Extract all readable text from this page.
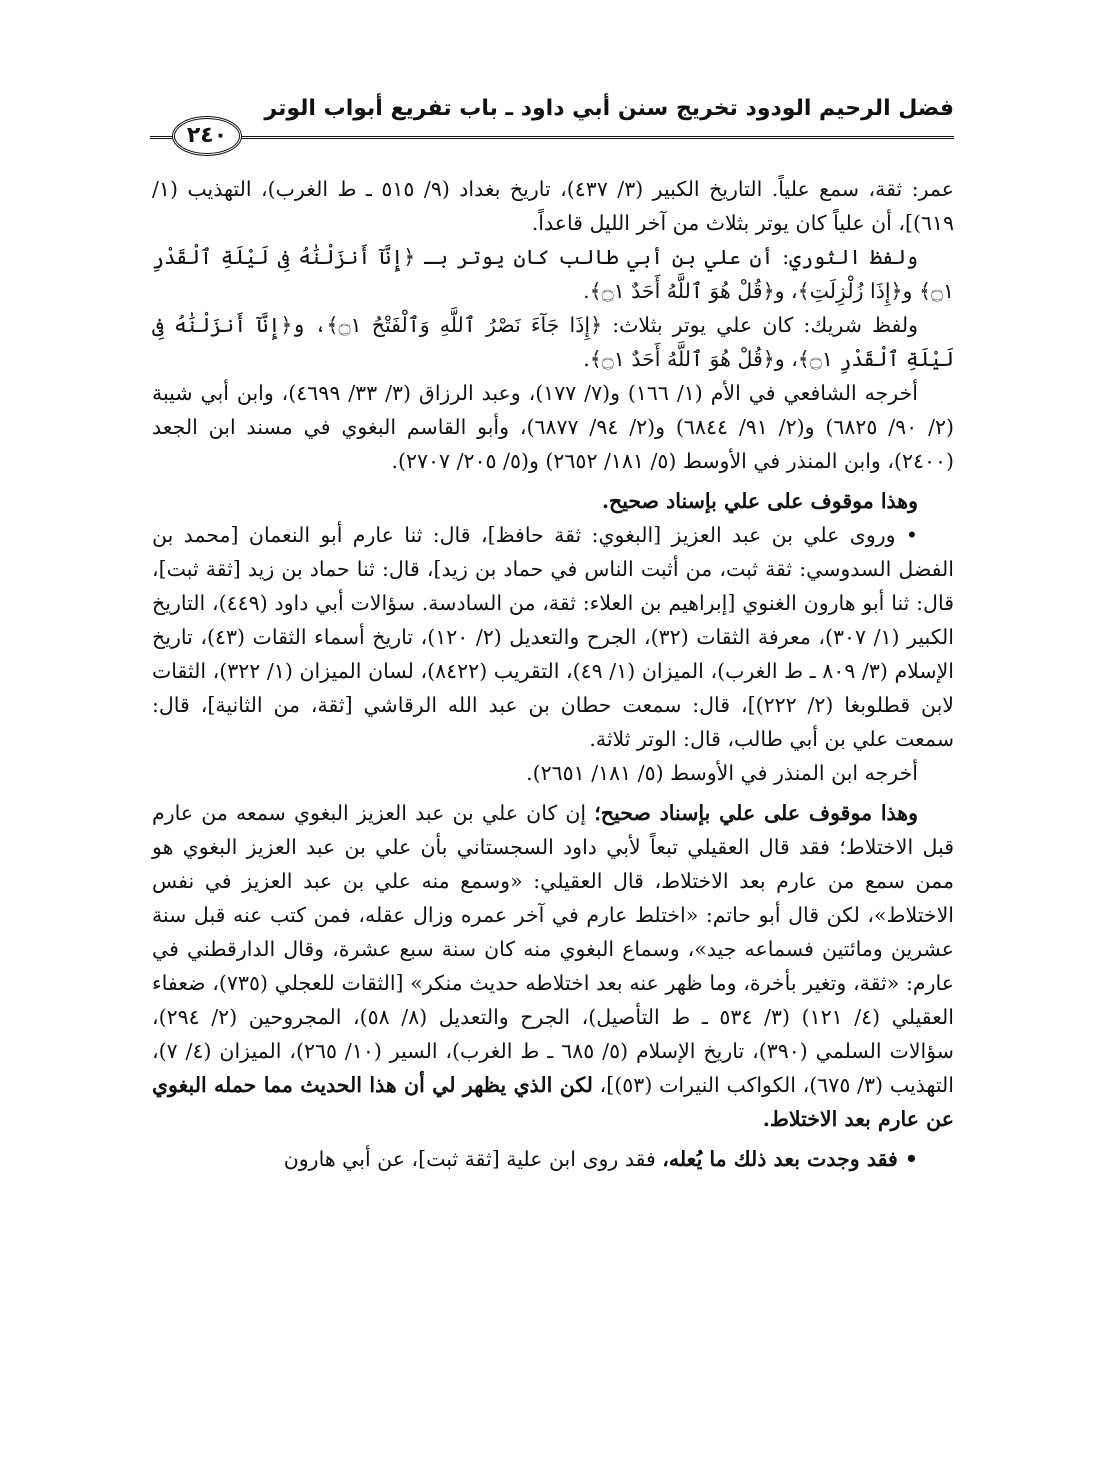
فضل الرحيم الودود تخريج سنن أبي داود ـ باب تفريع أبواب الوتر
٢٤٠

عمر: ثقة، سمع علياً. التاريخ الكبير (٣/ ٤٣٧)، تاريخ بغداد (٩/ ٥١٥ ـ ط الغرب)، التهذيب (١/ ٦١٩)]، أن علياً كان يوتر بثلاث من آخر الليل قاعداً.

ولفظ الثوري: أن علي بن أبي طالب كان يوتر بـ ﴿إِنَّآ أَنزَلْنَٰهُ فِى لَيْلَةِ ٱلْقَدْرِ ۝١﴾ و﴿إِذَا زُلْزِلَتِ﴾، و﴿قُلْ هُوَ ٱللَّهُ أَحَدٌ ۝١﴾.

ولفظ شريك: كان علي يوتر بثلاث: ﴿إِذَا جَآءَ نَصْرُ ٱللَّهِ وَٱلْفَتْحُ ۝١﴾، و﴿إِنَّآ أَنزَلْنَٰهُ فِى لَيْلَةِ ٱلْقَدْرِ ۝١﴾، و﴿قُلْ هُوَ ٱللَّهُ أَحَدٌ ۝١﴾.

أخرجه الشافعي في الأم (١/ ١٦٦) و(٧/ ١٧٧)، وعبد الرزاق (٣/ ٣٣/ ٤٦٩٩)، وابن أبي شيبة (٢/ ٩٠/ ٦٨٢٥) و(٢/ ٩١/ ٦٨٤٤) و(٢/ ٩٤/ ٦٨٧٧)، وأبو القاسم البغوي في مسند ابن الجعد (٢٤٠٠)، وابن المنذر في الأوسط (٥/ ١٨١/ ٢٦٥٢) و(٥/ ٢٠٥/ ٢٧٠٧).

وهذا موقوف على علي بإسناد صحيح.

• وروى علي بن عبد العزيز [البغوي: ثقة حافظ]، قال: ثنا عارم أبو النعمان [محمد بن الفضل السدوسي: ثقة ثبت، من أثبت الناس في حماد بن زيد]، قال: ثنا حماد بن زيد [ثقة ثبت]، قال: ثنا أبو هارون الغنوي [إبراهيم بن العلاء: ثقة، من السادسة. سؤالات أبي داود (٤٤٩)، التاريخ الكبير (١/ ٣٠٧)، معرفة الثقات (٣٢)، الجرح والتعديل (٢/ ١٢٠)، تاريخ أسماء الثقات (٤٣)، تاريخ الإسلام (٣/ ٨٠٩ ـ ط الغرب)، الميزان (١/ ٤٩)، التقريب (٨٤٢٢)، لسان الميزان (١/ ٣٢٢)، الثقات لابن قطلوبغا (٢/ ٢٢٢)]، قال: سمعت حطان بن عبد الله الرقاشي [ثقة، من الثانية]، قال: سمعت علي بن أبي طالب، قال: الوتر ثلاثة.

أخرجه ابن المنذر في الأوسط (٥/ ١٨١/ ٢٦٥١).

وهذا موقوف على علي بإسناد صحيح؛ إن كان علي بن عبد العزيز البغوي سمعه من عارم قبل الاختلاط؛ فقد قال العقيلي تبعاً لأبي داود السجستاني بأن علي بن عبد العزيز البغوي هو ممن سمع من عارم بعد الاختلاط، قال العقيلي: «وسمع منه علي بن عبد العزيز في نفس الاختلاط»، لكن قال أبو حاتم: «اختلط عارم في آخر عمره وزال عقله، فمن كتب عنه قبل سنة عشرين ومائتين فسماعه جيد»، وسماع البغوي منه كان سنة سبع عشرة، وقال الدارقطني في عارم: «ثقة، وتغير بأخرة، وما ظهر عنه بعد اختلاطه حديث منكر» [الثقات للعجلي (٧٣٥)، ضعفاء العقيلي (٤/ ١٢١) (٣/ ٥٣٤ ـ ط التأصيل)، الجرح والتعديل (٨/ ٥٨)، المجروحين (٢/ ٢٩٤)، سؤالات السلمي (٣٩٠)، تاريخ الإسلام (٥/ ٦٨٥ ـ ط الغرب)، السير (١٠/ ٢٦٥)، الميزان (٤/ ٧)، التهذيب (٣/ ٦٧٥)، الكواكب النيرات (٥٣)]، لكن الذي يظهر لي أن هذا الحديث مما حمله البغوي عن عارم بعد الاختلاط.

• فقد وجدت بعد ذلك ما يُعله، فقد روى ابن علية [ثقة ثبت]، عن أبي هارون
